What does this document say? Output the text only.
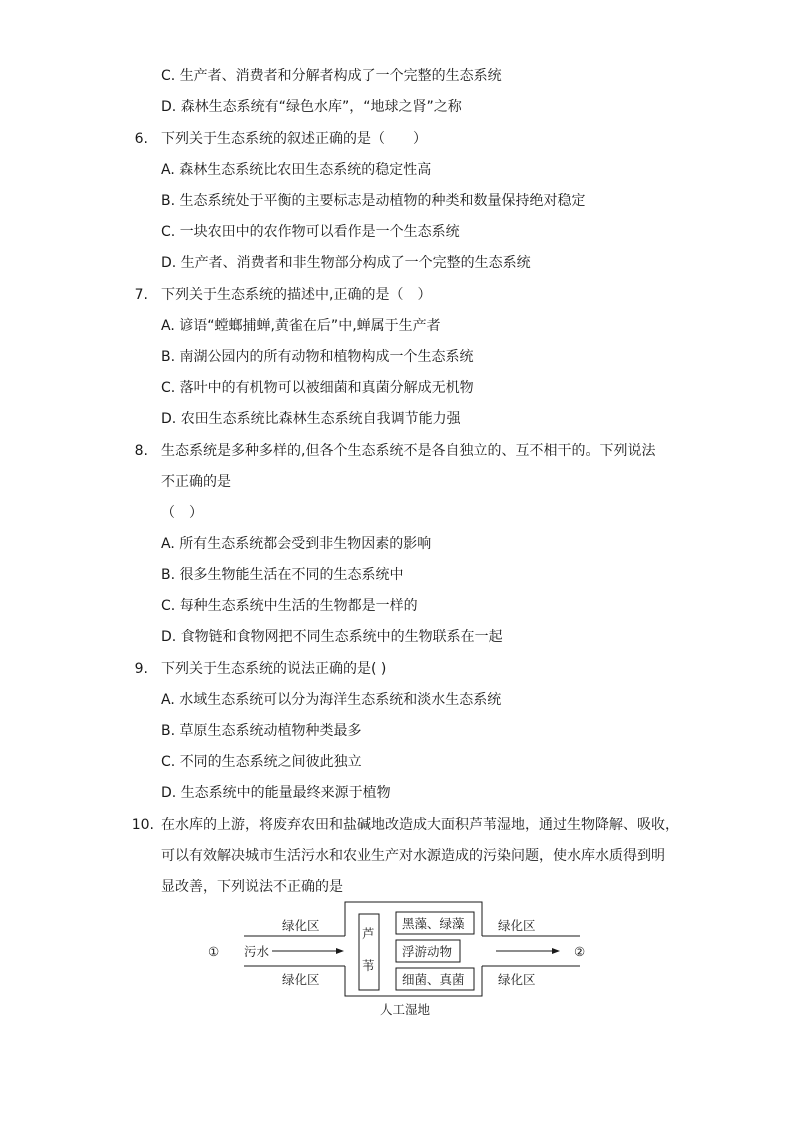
C. 生产者、消费者和分解者构成了一个完整的生态系统
D. 森林生态系统有“绿色水库”，“地球之肾”之称
6. 下列关于生态系统的叙述正确的是（　　）
A. 森林生态系统比农田生态系统的稳定性高
B. 生态系统处于平衡的主要标志是动植物的种类和数量保持绝对稳定
C. 一块农田中的农作物可以看作是一个生态系统
D. 生产者、消费者和非生物部分构成了一个完整的生态系统
7. 下列关于生态系统的描述中,正确的是（　）
A. 谚语“螳螂捕蝉,黄雀在后”中,蝉属于生产者
B. 南湖公园内的所有动物和植物构成一个生态系统
C. 落叶中的有机物可以被细菌和真菌分解成无机物
D. 农田生态系统比森林生态系统自我调节能力强
8. 生态系统是多种多样的,但各个生态系统不是各自独立的、互不相干的。下列说法
不正确的是
（　）
A. 所有生态系统都会受到非生物因素的影响
B. 很多生物能生活在不同的生态系统中
C. 每种生态系统中生活的生物都是一样的
D. 食物链和食物网把不同生态系统中的生物联系在一起
9. 下列关于生态系统的说法正确的是( )
A. 水域生态系统可以分为海洋生态系统和淡水生态系统
B. 草原生态系统动植物种类最多
C. 不同的生态系统之间彼此独立
D. 生态系统中的能量最终来源于植物
10. 在水库的上游，将废弃农田和盐碱地改造成大面积芦苇湿地，通过生物降解、吸收，
可以有效解决城市生活污水和农业生产对水源造成的污染问题，使水库水质得到明
显改善，下列说法不正确的是
①	②
绿化区
绿化区
污水
芦
苇
黑藻、绿藻
浮游动物
细菌、真菌
绿化区
绿化区
人工湿地
